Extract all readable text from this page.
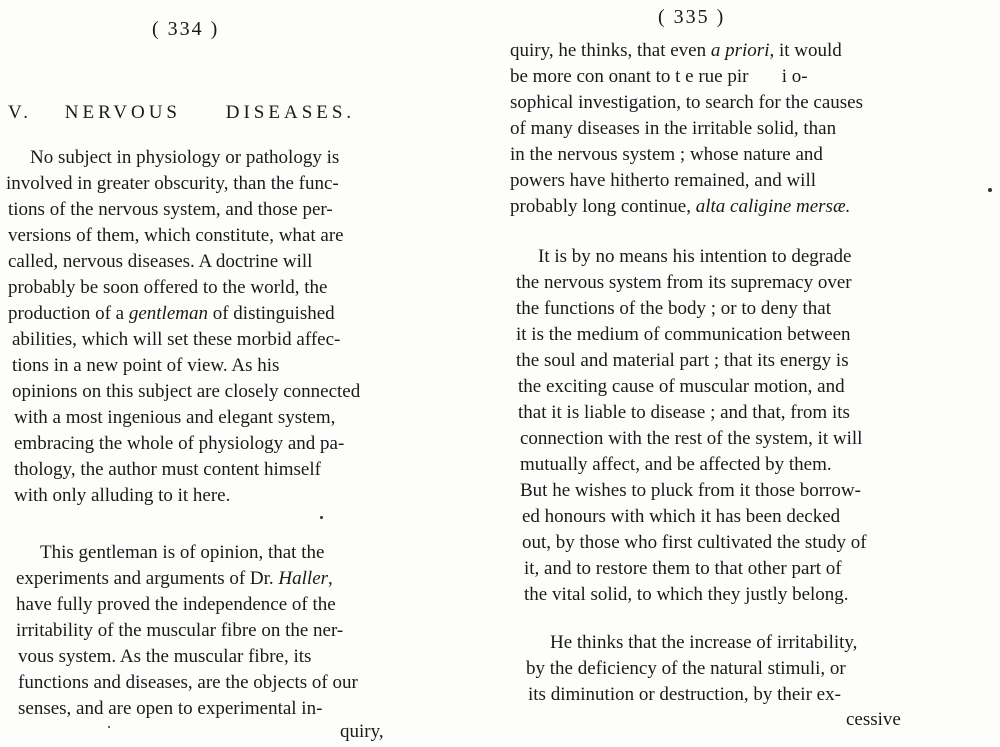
( 334 )
V. NERVOUS DISEASES.
No subject in physiology or pathology is
involved in greater obscurity, than the func-
tions of the nervous system, and those per-
versions of them, which constitute, what are
called, nervous diseases. A doctrine will
probably be soon offered to the world, the
production of a gentleman of distinguished
abilities, which will set these morbid affec-
tions in a new point of view. As his
opinions on this subject are closely connected
with a most ingenious and elegant system,
embracing the whole of physiology and pa-
thology, the author must content himself
with only alluding to it here.
This gentleman is of opinion, that the
experiments and arguments of Dr. Haller,
have fully proved the independence of the
irritability of the muscular fibre on the ner-
vous system. As the muscular fibre, its
functions and diseases, are the objects of our
senses, and are open to experimental in-
quiry,
( 335 )
quiry, he thinks, that even a priori, it would
be more con onant to t e rue pir       i o-
sophical investigation, to search for the causes
of many diseases in the irritable solid, than
in the nervous system ; whose nature and
powers have hitherto remained, and will
probably long continue, alta caligine mersæ.
It is by no means his intention to degrade
the nervous system from its supremacy over
the functions of the body ; or to deny that
it is the medium of communication between
the soul and material part ; that its energy is
the exciting cause of muscular motion, and
that it is liable to disease ; and that, from its
connection with the rest of the system, it will
mutually affect, and be affected by them.
But he wishes to pluck from it those borrow-
ed honours with which it has been decked
out, by those who first cultivated the study of
it, and to restore them to that other part of
the vital solid, to which they justly belong.
He thinks that the increase of irritability,
by the deficiency of the natural stimuli, or
its diminution or destruction, by their ex-
cessive
